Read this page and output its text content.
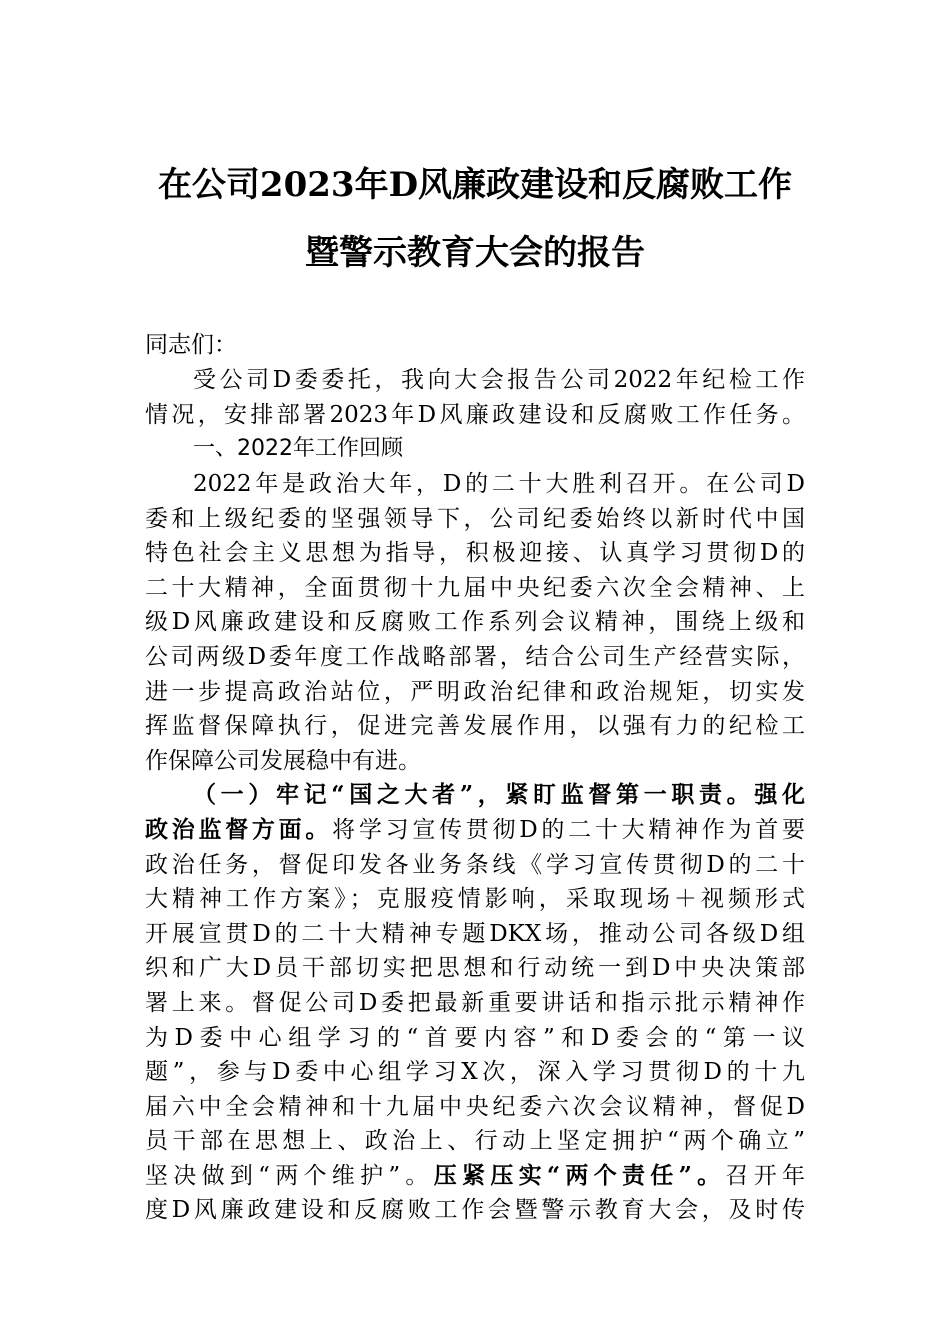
在公司2023年D风廉政建设和反腐败工作
暨警示教育大会的报告
同志们：
受公司D委委托，我向大会报告公司2022年纪检工作
情况，安排部署2023年D风廉政建设和反腐败工作任务。
一、2022年工作回顾
2022年是政治大年，D的二十大胜利召开。在公司D
委和上级纪委的坚强领导下，公司纪委始终以新时代中国
特色社会主义思想为指导，积极迎接、认真学习贯彻D的
二十大精神，全面贯彻十九届中央纪委六次全会精神、上
级D风廉政建设和反腐败工作系列会议精神，围绕上级和
公司两级D委年度工作战略部署，结合公司生产经营实际，
进一步提高政治站位，严明政治纪律和政治规矩，切实发
挥监督保障执行，促进完善发展作用，以强有力的纪检工
作保障公司发展稳中有进。
（一）牢记“国之大者”，紧盯监督第一职责。强化
政治监督方面。将学习宣传贯彻D的二十大精神作为首要
政治任务，督促印发各业务条线《学习宣传贯彻D的二十
大精神工作方案》；克服疫情影响，采取现场＋视频形式
开展宣贯D的二十大精神专题DKX场，推动公司各级D组
织和广大D员干部切实把思想和行动统一到D中央决策部
署上来。督促公司D委把最新重要讲话和指示批示精神作
为D委中心组学习的“首要内容”和D委会的“第一议
题”，参与D委中心组学习X次，深入学习贯彻D的十九
届六中全会精神和十九届中央纪委六次会议精神，督促D
员干部在思想上、政治上、行动上坚定拥护“两个确立”
坚决做到“两个维护”。压紧压实“两个责任”。召开年
度D风廉政建设和反腐败工作会暨警示教育大会，及时传
